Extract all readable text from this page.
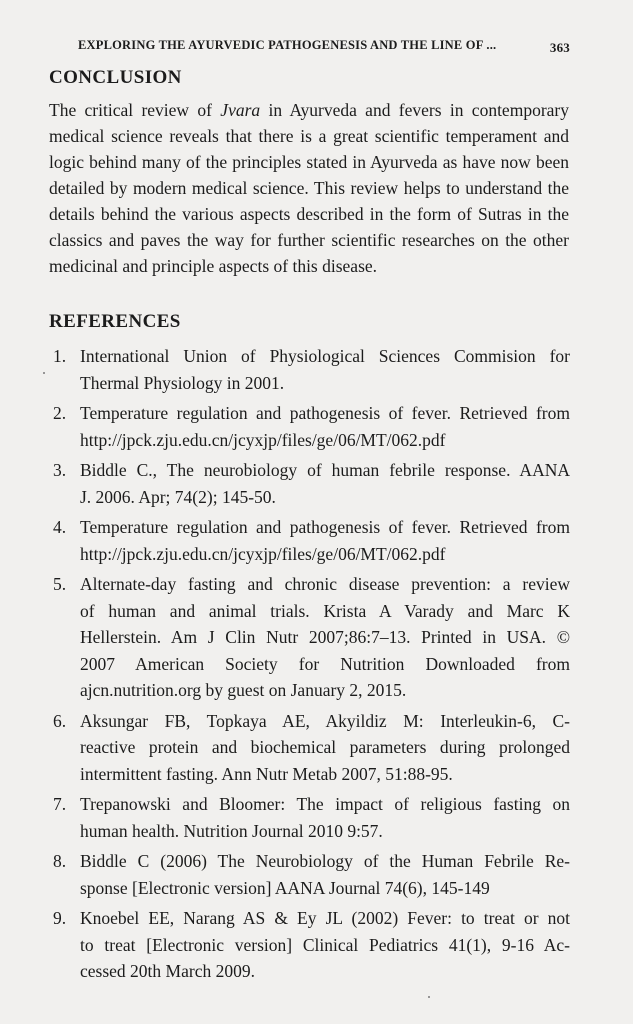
EXPLORING THE AYURVEDIC PATHOGENESIS AND THE LINE OF ...	363
CONCLUSION
The critical review of Jvara in Ayurveda and fevers in contemporary medical science reveals that there is a great scientific temperament and logic behind many of the principles stated in Ayurveda as have now been detailed by modern medical science. This review helps to understand the details behind the various aspects described in the form of Sutras in the classics and paves the way for further scientific researches on the other medicinal and principle aspects of this disease.
REFERENCES
1. International Union of Physiological Sciences Commision for
Thermal Physiology in 2001.
2. Temperature regulation and pathogenesis of fever. Retrieved from
http://jpck.zju.edu.cn/jcyxjp/files/ge/06/MT/062.pdf
3. Biddle C., The neurobiology of human febrile response. AANA
J. 2006. Apr; 74(2); 145-50.
4. Temperature regulation and pathogenesis of fever. Retrieved from
http://jpck.zju.edu.cn/jcyxjp/files/ge/06/MT/062.pdf
5. Alternate-day fasting and chronic disease prevention: a review
of human and animal trials. Krista A Varady and Marc K
Hellerstein. Am J Clin Nutr 2007;86:7–13. Printed in USA. ©
2007 American Society for Nutrition Downloaded from
ajcn.nutrition.org by guest on January 2, 2015.
6. Aksungar FB, Topkaya AE, Akyildiz M: Interleukin-6, C-
reactive protein and biochemical parameters during prolonged
intermittent fasting. Ann Nutr Metab 2007, 51:88-95.
7. Trepanowski and Bloomer: The impact of religious fasting on
human health. Nutrition Journal 2010 9:57.
8. Biddle C (2006) The Neurobiology of the Human Febrile Re-
sponse [Electronic version] AANA Journal 74(6), 145-149
9. Knoebel EE, Narang AS & Ey JL (2002) Fever: to treat or not
to treat [Electronic version] Clinical Pediatrics 41(1), 9-16 Ac-
cessed 20th March 2009.
